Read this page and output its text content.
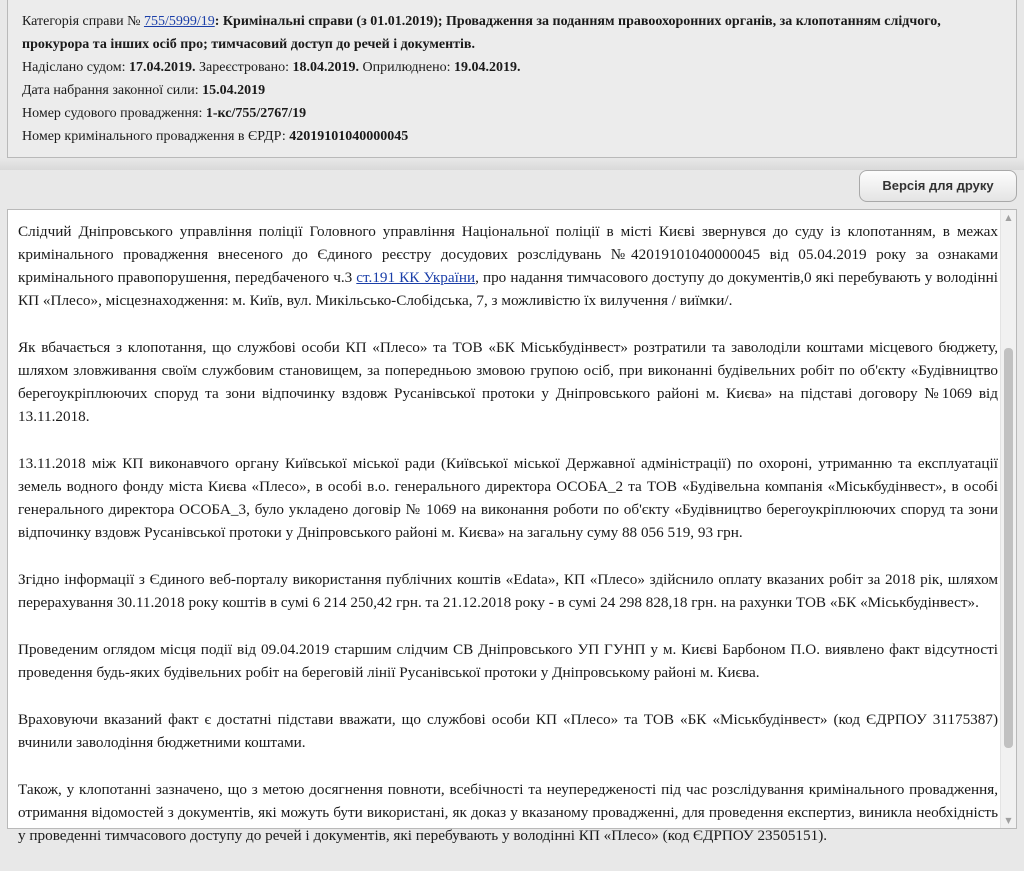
Категорія справи № 755/5999/19: Кримінальні справи (з 01.01.2019); Провадження за поданням правоохоронних органів, за клопотанням слідчого,
прокурора та інших осіб про; тимчасовий доступ до речей і документів.
Надіслано судом: 17.04.2019. Зареєстровано: 18.04.2019. Оприлюднено: 19.04.2019.
Дата набрання законної сили: 15.04.2019
Номер судового провадження: 1-кс/755/2767/19
Номер кримінального провадження в ЄРДР: 42019101040000045
Версія для друку

Слідчий Дніпровського управління поліції Головного управління Національної поліції в місті Києві звернувся до суду із клопотанням, в межах кримінального провадження внесеного до Єдиного реєстру досудових розслідувань №42019101040000045 від 05.04.2019 року за ознаками кримінального правопорушення, передбаченого ч.3 ст.191 КК України, про надання тимчасового доступу до документів,0 які перебувають у володінні КП «Плесо», місцезнаходження: м. Київ, вул. Микільсько-Слобідська, 7, з можливістю їх вилучення / виїмки/.

Як вбачається з клопотання, що службові особи КП «Плесо» та ТОВ «БК Міськбудінвест» розтратили та заволоділи коштами місцевого бюджету, шляхом зловживання своїм службовим становищем, за попередньою змовою групою осіб, при виконанні будівельних робіт по об'єкту «Будівництво берегоукріплюючих споруд та зони відпочинку вздовж Русанівської протоки у Дніпровського районі м. Києва» на підставі договору №1069 від 13.11.2018.

13.11.2018 між КП виконавчого органу Київської міської ради (Київської міської Державної адміністрації) по охороні, утриманню та експлуатації земель водного фонду міста Києва «Плесо», в особі в.о. генерального директора ОСОБА_2 та ТОВ «Будівельна компанія «Міськбудінвест», в особі генерального директора ОСОБА_3, було укладено договір № 1069 на виконання роботи по об'єкту «Будівництво берегоукріплюючих споруд та зони відпочинку вздовж Русанівської протоки у Дніпровського районі м. Києва» на загальну суму 88 056 519, 93 грн.

Згідно інформації з Єдиного веб-порталу використання публічних коштів «Edata», КП «Плесо» здійснило оплату вказаних робіт за 2018 рік, шляхом перерахування 30.11.2018 року коштів в сумі 6 214 250,42 грн. та 21.12.2018 року - в сумі 24 298 828,18 грн. на рахунки ТОВ «БК «Міськбудінвест».

Проведеним оглядом місця події від 09.04.2019 старшим слідчим СВ Дніпровського УП ГУНП у м. Києві Барбоном П.О. виявлено факт відсутності проведення будь-яких будівельних робіт на береговій лінії Русанівської протоки у Дніпровському районі м. Києва.

Враховуючи вказаний факт є достатні підстави вважати, що службові особи КП «Плесо» та ТОВ «БК «Міськбудінвест» (код ЄДРПОУ 31175387) вчинили заволодіння бюджетними коштами.

Також, у клопотанні зазначено, що з метою досягнення повноти, всебічності та неупередженості під час розслідування кримінального провадження, отримання відомостей з документів, які можуть бути використані, як доказ у вказаному провадженні, для проведення експертиз, виникла необхідність у проведенні тимчасового доступу до речей і документів, які перебувають у володінні КП «Плесо» (код ЄДРПОУ 23505151).

▲
▼
